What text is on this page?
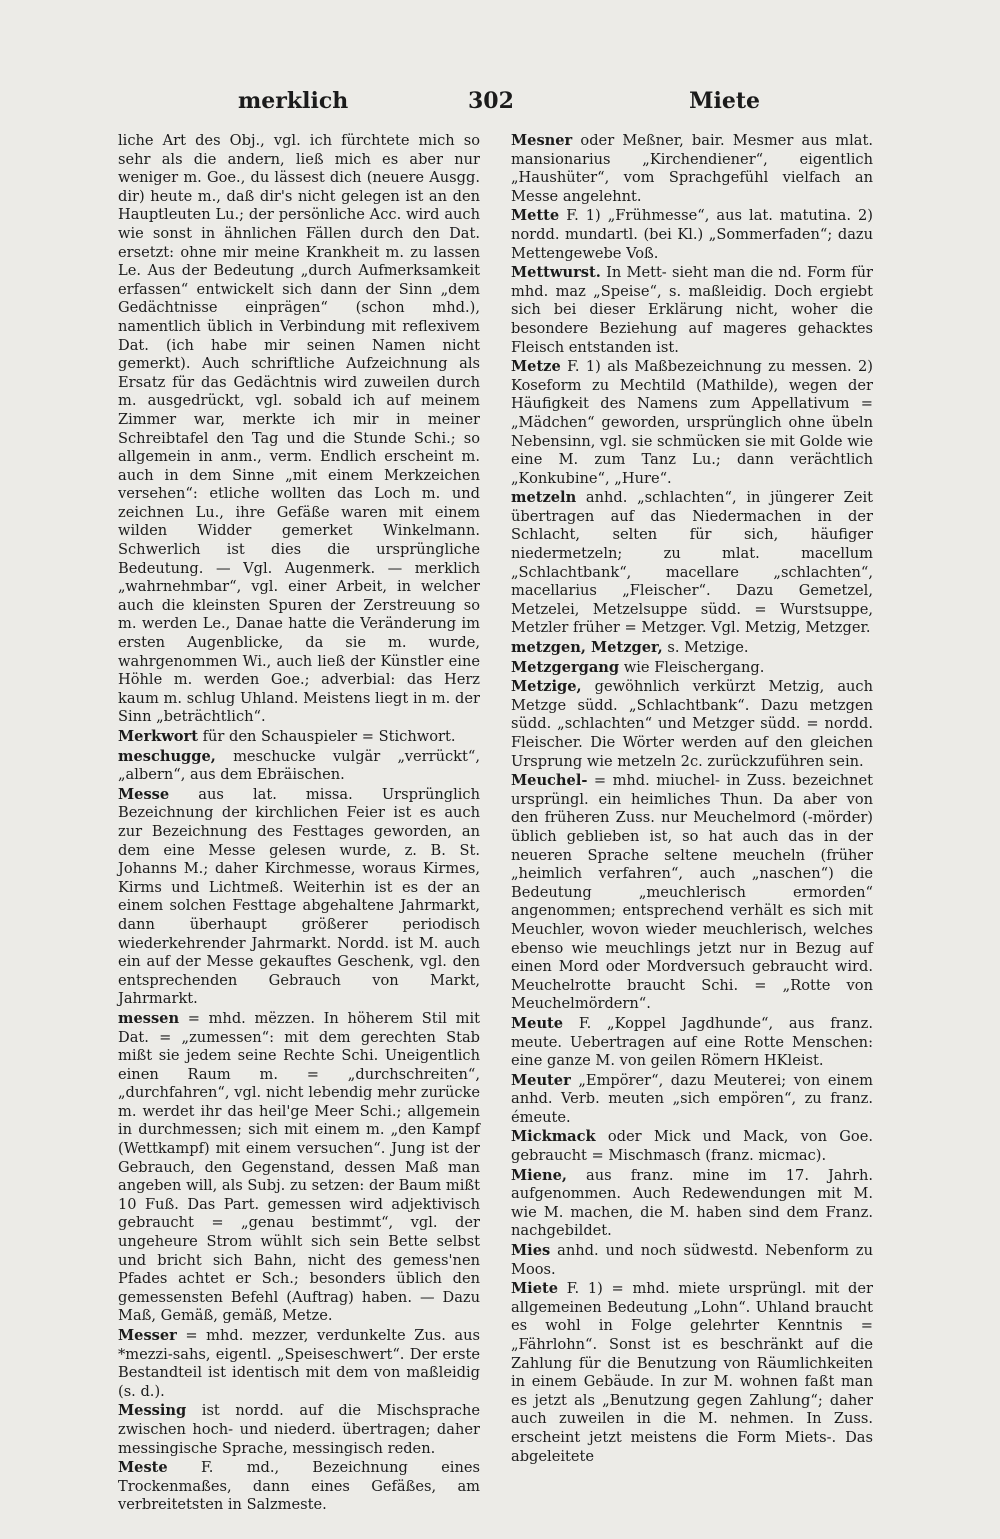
merklich	302	Miete

liche Art des Obj., vgl. ich fürchtete mich so sehr als die andern, ließ mich es aber nur weniger m. Goe., du lässest dich (neuere Ausgg. dir) heute m., daß dir's nicht gelegen ist an den Hauptleuten Lu.; der persönliche Acc. wird auch wie sonst in ähnlichen Fällen durch den Dat. ersetzt: ohne mir meine Krankheit m. zu lassen Le. Aus der Bedeutung „durch Aufmerksamkeit erfassen“ entwickelt sich dann der Sinn „dem Gedächtnisse einprägen“ (schon mhd.), namentlich üblich in Verbindung mit reflexivem Dat. (ich habe mir seinen Namen nicht gemerkt). Auch schriftliche Aufzeichnung als Ersatz für das Gedächtnis wird zuweilen durch m. ausgedrückt, vgl. sobald ich auf meinem Zimmer war, merkte ich mir in meiner Schreibtafel den Tag und die Stunde Schi.; so allgemein in anm., verm. Endlich erscheint m. auch in dem Sinne „mit einem Merkzeichen versehen“: etliche wollten das Loch m. und zeichnen Lu., ihre Gefäße waren mit einem wilden Widder gemerket Winkelmann. Schwerlich ist dies die ursprüngliche Bedeutung. — Vgl. Augenmerk. — merklich „wahrnehmbar“, vgl. einer Arbeit, in welcher auch die kleinsten Spuren der Zerstreuung so m. werden Le., Danae hatte die Veränderung im ersten Augenblicke, da sie m. wurde, wahrgenommen Wi., auch ließ der Künstler eine Höhle m. werden Goe.; adverbial: das Herz kaum m. schlug Uhland. Meistens liegt in m. der Sinn „beträchtlich“.

Merkwort für den Schauspieler = Stichwort.

meschugge, meschucke vulgär „verrückt“, „albern“, aus dem Ebräischen.

Messe aus lat. missa. Ursprünglich Bezeichnung der kirchlichen Feier ist es auch zur Bezeichnung des Festtages geworden, an dem eine Messe gelesen wurde, z. B. St. Johanns M.; daher Kirchmesse, woraus Kirmes, Kirms und Lichtmeß. Weiterhin ist es der an einem solchen Festtage abgehaltene Jahrmarkt, dann überhaupt größerer periodisch wiederkehrender Jahrmarkt. Nordd. ist M. auch ein auf der Messe gekauftes Geschenk, vgl. den entsprechenden Gebrauch von Markt, Jahrmarkt.

messen = mhd. mëzzen. In höherem Stil mit Dat. = „zumessen“: mit dem gerechten Stab mißt sie jedem seine Rechte Schi. Uneigentlich einen Raum m. = „durchschreiten“, „durchfahren“, vgl. nicht lebendig mehr zurücke m. werdet ihr das heil'ge Meer Schi.; allgemein in durchmessen; sich mit einem m. „den Kampf (Wettkampf) mit einem versuchen“. Jung ist der Gebrauch, den Gegenstand, dessen Maß man angeben will, als Subj. zu setzen: der Baum mißt 10 Fuß. Das Part. gemessen wird adjektivisch gebraucht = „genau bestimmt“, vgl. der ungeheure Strom wühlt sich sein Bette selbst und bricht sich Bahn, nicht des gemess'nen Pfades achtet er Sch.; besonders üblich den gemessensten Befehl (Auftrag) haben. — Dazu Maß, Gemäß, gemäß, Metze.

Messer = mhd. mezzer, verdunkelte Zus. aus *mezzi-sahs, eigentl. „Speiseschwert“. Der erste Bestandteil ist identisch mit dem von maßleidig (s. d.).

Messing ist nordd. auf die Mischsprache zwischen hoch- und niederd. übertragen; daher messingische Sprache, messingisch reden.

Meste F. md., Bezeichnung eines Trockenmaßes, dann eines Gefäßes, am verbreitetsten in Salzmeste.

Mesner oder Meßner, bair. Mesmer aus mlat. mansionarius „Kirchendiener“, eigentlich „Haushüter“, vom Sprachgefühl vielfach an Messe angelehnt.

Mette F. 1) „Frühmesse“, aus lat. matutina. 2) nordd. mundartl. (bei Kl.) „Sommerfaden“; dazu Mettengewebe Voß.

Mettwurst. In Mett- sieht man die nd. Form für mhd. maz „Speise“, s. maßleidig. Doch ergiebt sich bei dieser Erklärung nicht, woher die besondere Beziehung auf mageres gehacktes Fleisch entstanden ist.

Metze F. 1) als Maßbezeichnung zu messen. 2) Koseform zu Mechtild (Mathilde), wegen der Häufigkeit des Namens zum Appellativum = „Mädchen“ geworden, ursprünglich ohne übeln Nebensinn, vgl. sie schmücken sie mit Golde wie eine M. zum Tanz Lu.; dann verächtlich „Konkubine“, „Hure“.

metzeln anhd. „schlachten“, in jüngerer Zeit übertragen auf das Niedermachen in der Schlacht, selten für sich, häufiger niedermetzeln; zu mlat. macellum „Schlachtbank“, macellare „schlachten“, macellarius „Fleischer“. Dazu Gemetzel, Metzelei, Metzelsuppe südd. = Wurstsuppe, Metzler früher = Metzger. Vgl. Metzig, Metzger.

metzgen, Metzger, s. Metzige.

Metzgergang wie Fleischergang.

Metzige, gewöhnlich verkürzt Metzig, auch Metzge südd. „Schlachtbank“. Dazu metzgen südd. „schlachten“ und Metzger südd. = nordd. Fleischer. Die Wörter werden auf den gleichen Ursprung wie metzeln 2c. zurückzuführen sein.

Meuchel- = mhd. miuchel- in Zuss. bezeichnet ursprüngl. ein heimliches Thun. Da aber von den früheren Zuss. nur Meuchelmord (-mörder) üblich geblieben ist, so hat auch das in der neueren Sprache seltene meucheln (früher „heimlich verfahren“, auch „naschen“) die Bedeutung „meuchlerisch ermorden“ angenommen; entsprechend verhält es sich mit Meuchler, wovon wieder meuchlerisch, welches ebenso wie meuchlings jetzt nur in Bezug auf einen Mord oder Mordversuch gebraucht wird. Meuchelrotte braucht Schi. = „Rotte von Meuchelmördern“.

Meute F. „Koppel Jagdhunde“, aus franz. meute. Uebertragen auf eine Rotte Menschen: eine ganze M. von geilen Römern HKleist.

Meuter „Empörer“, dazu Meuterei; von einem anhd. Verb. meuten „sich empören“, zu franz. émeute.

Mickmack oder Mick und Mack, von Goe. gebraucht = Mischmasch (franz. micmac).

Miene, aus franz. mine im 17. Jahrh. aufgenommen. Auch Redewendungen mit M. wie M. machen, die M. haben sind dem Franz. nachgebildet.

Mies anhd. und noch südwestd. Nebenform zu Moos.

Miete F. 1) = mhd. miete ursprüngl. mit der allgemeinen Bedeutung „Lohn“. Uhland braucht es wohl in Folge gelehrter Kenntnis = „Fährlohn“. Sonst ist es beschränkt auf die Zahlung für die Benutzung von Räumlichkeiten in einem Gebäude. In zur M. wohnen faßt man es jetzt als „Benutzung gegen Zahlung“; daher auch zuweilen in die M. nehmen. In Zuss. erscheint jetzt meistens die Form Miets-. Das abgeleitete
